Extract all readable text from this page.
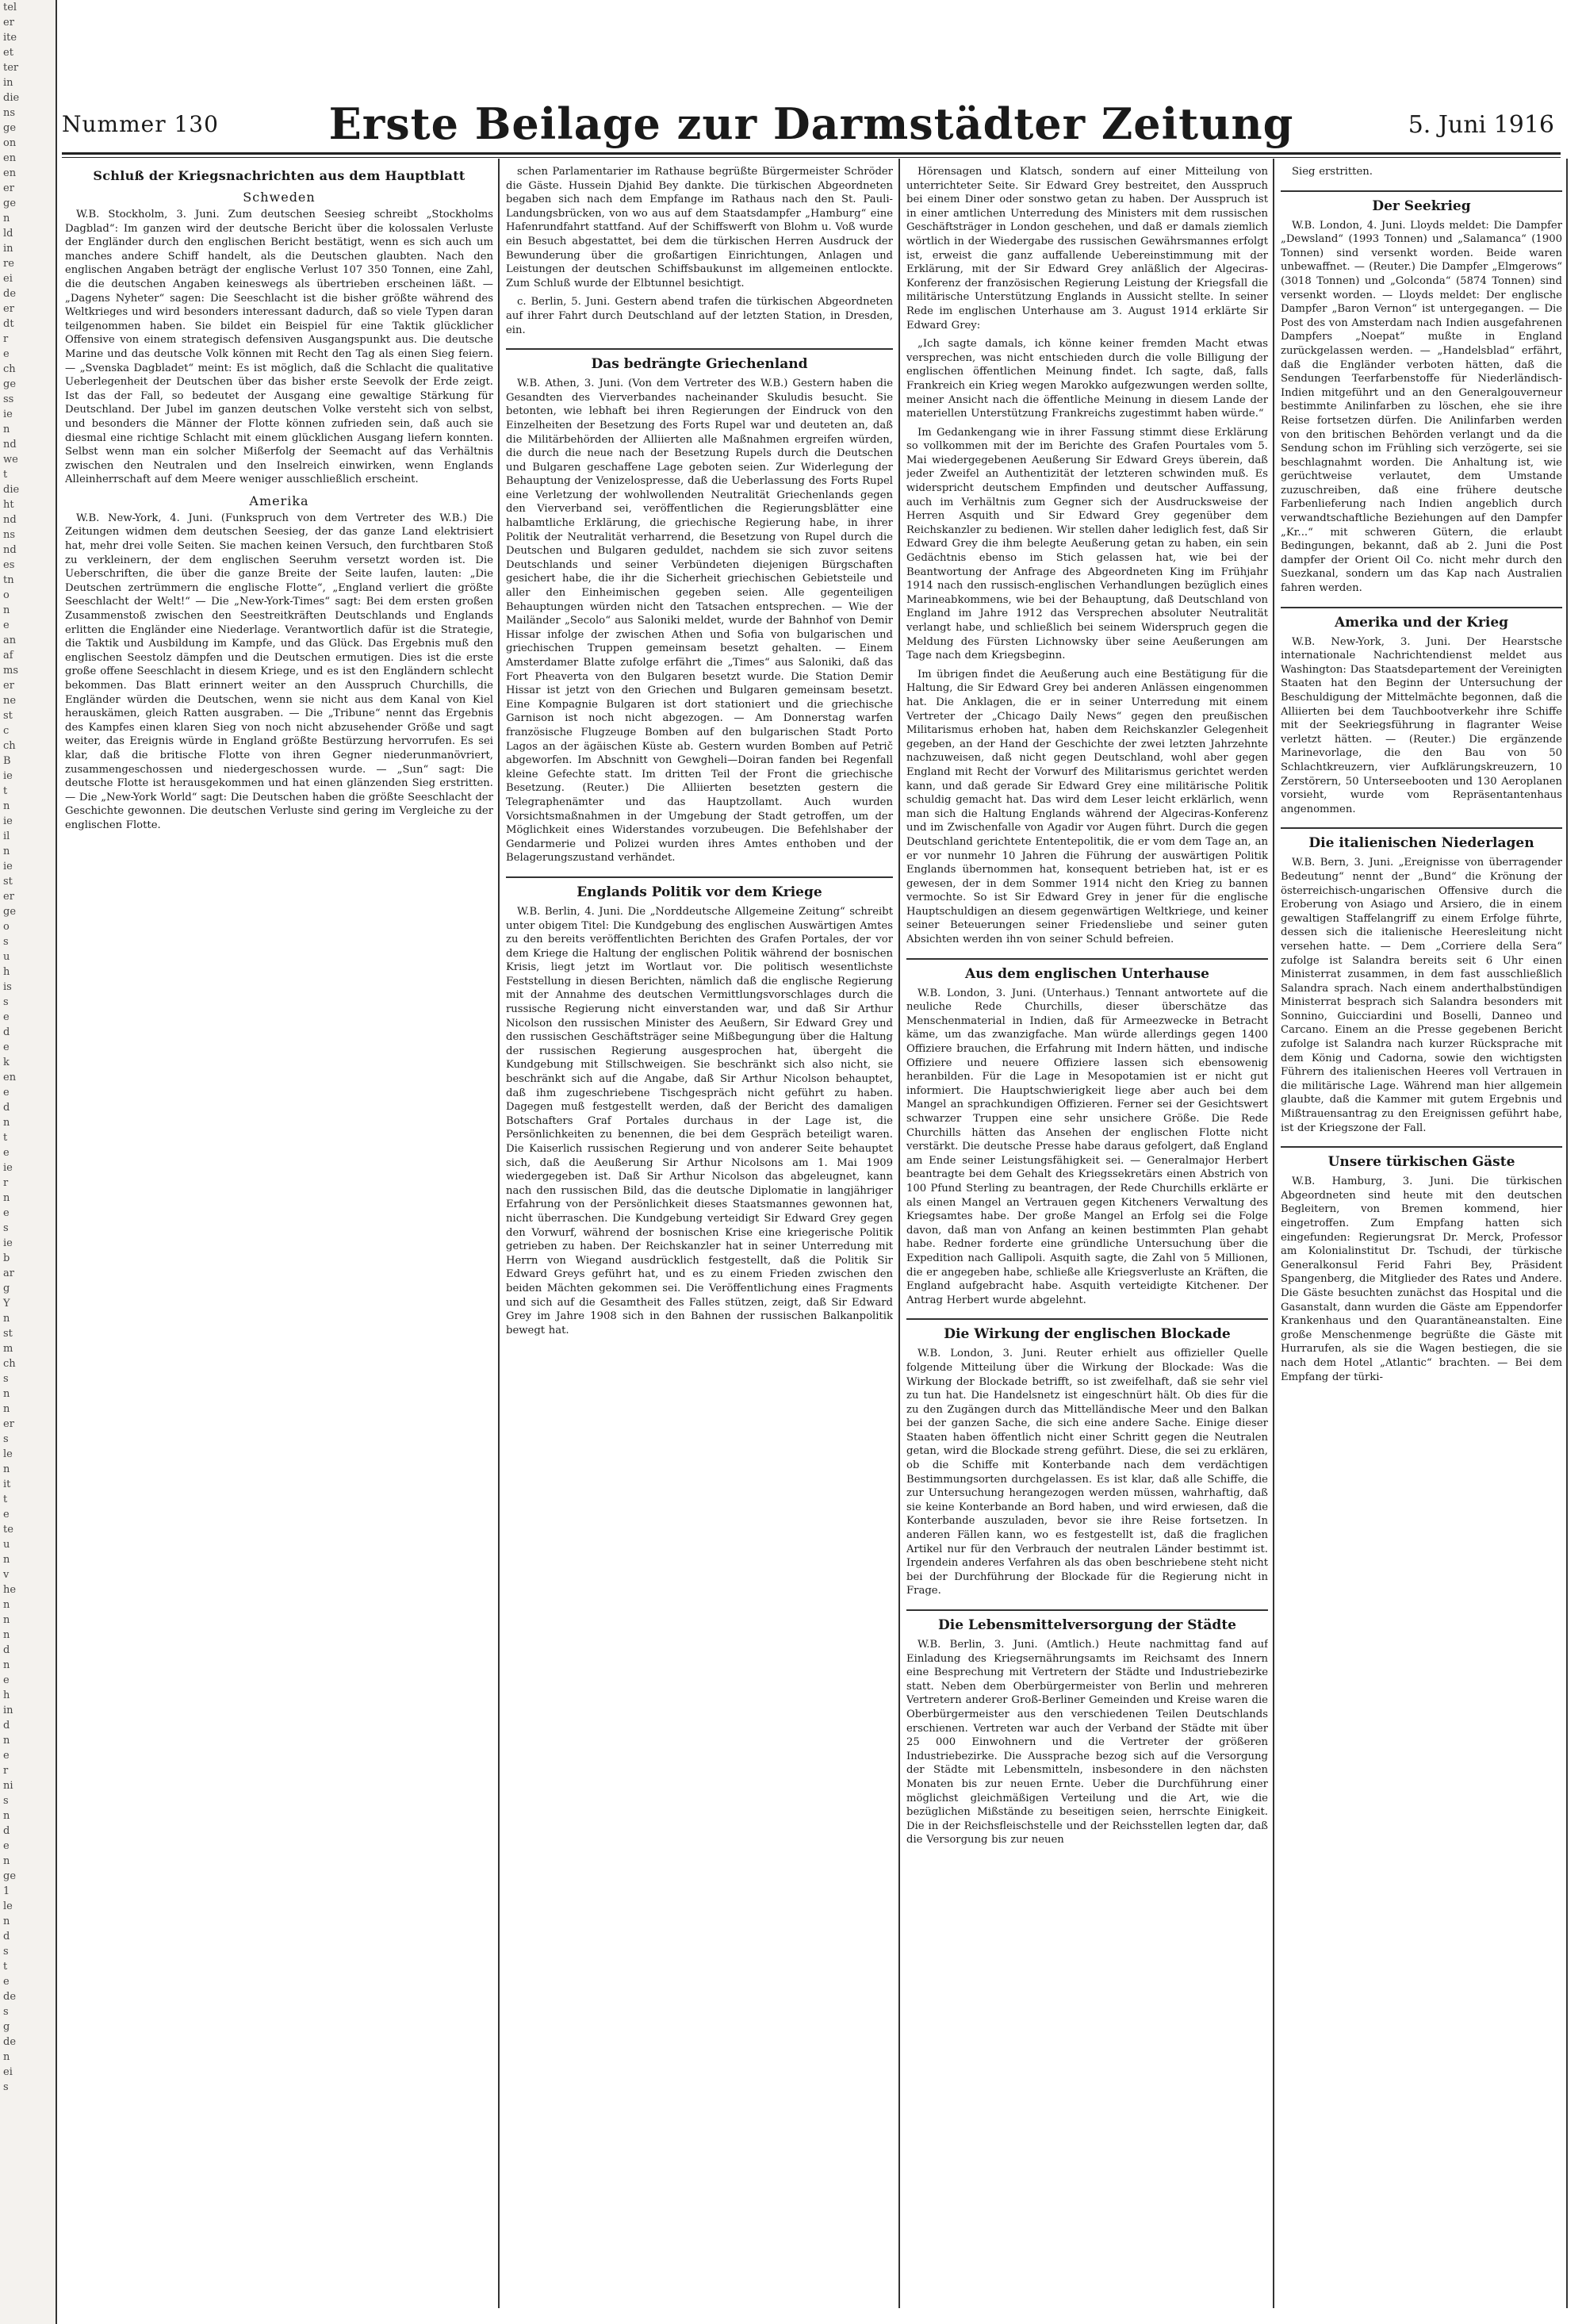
tel
er
ite
et
ter
in
die
ns
ge
on
en
en
er
ge
n
ld
in
re
ei
de
er
dt
r
e
ch
ge
ss
ie
n
nd
we
t
die
ht
nd
ns
nd
es
tn
o
n
e
an
af
ms
er
ne
st
c
ch
B
ie
t
n
ie
il
n
ie
st
er
ge
o
s
u
h
is
s
e
d
e
k
en
e
d
n
t
e
ie
r
n
e
s
ie
b
ar
g
Y
n
st
m
ch
s
n
n
er
s
le
n
it
t
e
te
u
n
v
he
n
n
n
d
n
e
h
in
d
n
e
r
ni
s
n
d
e
n
ge
1
le
n
d
s
t
e
de
s
g
de
n
ei
s
Nummer 130	Erste Beilage zur Darmstädter Zeitung	5. Juni 1916
Schluß der Kriegsnachrichten aus dem Hauptblatt
Schweden

W.B. Stockholm, 3. Juni. Zum deutschen Seesieg schreibt „Stockholms Dagblad“: Im ganzen wird der deutsche Bericht über die kolossalen Verluste der Engländer durch den englischen Bericht bestätigt, wenn es sich auch um manches andere Schiff handelt, als die Deutschen glaubten. Nach den englischen Angaben beträgt der englische Verlust 107 350 Tonnen, eine Zahl, die die deutschen Angaben keineswegs als übertrieben erscheinen läßt. — „Dagens Nyheter“ sagen: Die Seeschlacht ist die bisher größte während des Weltkrieges und wird besonders interessant dadurch, daß so viele Typen daran teilgenommen haben. Sie bildet ein Beispiel für eine Taktik glücklicher Offensive von einem strategisch defensiven Ausgangspunkt aus. Die deutsche Marine und das deutsche Volk können mit Recht den Tag als einen Sieg feiern. — „Svenska Dagbladet“ meint: Es ist möglich, daß die Schlacht die qualitative Ueberlegenheit der Deutschen über das bisher erste Seevolk der Erde zeigt. Ist das der Fall, so bedeutet der Ausgang eine gewaltige Stärkung für Deutschland. Der Jubel im ganzen deutschen Volke versteht sich von selbst, und besonders die Männer der Flotte können zufrieden sein, daß auch sie diesmal eine richtige Schlacht mit einem glücklichen Ausgang liefern konnten. Selbst wenn man ein solcher Mißerfolg der Seemacht auf das Verhältnis zwischen den Neutralen und den Inselreich einwirken, wenn Englands Alleinherrschaft auf dem Meere weniger ausschließlich erscheint.

Amerika

W.B. New-York, 4. Juni. (Funkspruch von dem Vertreter des W.B.) Die Zeitungen widmen dem deutschen Seesieg, der das ganze Land elektrisiert hat, mehr drei volle Seiten. Sie machen keinen Versuch, den furchtbaren Stoß zu verkleinern, der dem englischen Seeruhm versetzt worden ist. Die Ueberschriften, die über die ganze Breite der Seite laufen, lauten: „Die Deutschen zertrümmern die englische Flotte“, „England verliert die größte Seeschlacht der Welt!“ — Die „New-York-Times“ sagt: Bei dem ersten großen Zusammenstoß zwischen den Seestreitkräften Deutschlands und Englands erlitten die Engländer eine Niederlage. Verantwortlich dafür ist die Strategie, die Taktik und Ausbildung im Kampfe, und das Glück. Das Ergebnis muß den englischen Seestolz dämpfen und die Deutschen ermutigen. Dies ist die erste große offene Seeschlacht in diesem Kriege, und es ist den Engländern schlecht bekommen. Das Blatt erinnert weiter an den Ausspruch Churchills, die Engländer würden die Deutschen, wenn sie nicht aus dem Kanal von Kiel herauskämen, gleich Ratten ausgraben. — Die „Tribune“ nennt das Ergebnis des Kampfes einen klaren Sieg von noch nicht abzusehender Größe und sagt weiter, das Ereignis würde in England größte Bestürzung hervorrufen. Es sei klar, daß die britische Flotte von ihren Gegner niederunmanövriert, zusammengeschossen und niedergeschossen wurde. — „Sun“ sagt: Die deutsche Flotte ist herausgekommen und hat einen glänzenden Sieg erstritten. — Die „New-York World“ sagt: Die Deutschen haben die größte Seeschlacht der Geschichte gewonnen. Die deutschen Verluste sind gering im Vergleiche zu der englischen Flotte.

schen Parlamentarier im Rathause begrüßte Bürgermeister Schröder die Gäste. Hussein Djahid Bey dankte. Die türkischen Abgeordneten begaben sich nach dem Empfange im Rathaus nach den St. Pauli-Landungsbrücken, von wo aus auf dem Staatsdampfer „Hamburg“ eine Hafenrundfahrt stattfand. Auf der Schiffswerft von Blohm u. Voß wurde ein Besuch abgestattet, bei dem die türkischen Herren Ausdruck der Bewunderung über die großartigen Einrichtungen, Anlagen und Leistungen der deutschen Schiffsbaukunst im allgemeinen entlockte. Zum Schluß wurde der Elbtunnel besichtigt.

c. Berlin, 5. Juni. Gestern abend trafen die türkischen Abgeordneten auf ihrer Fahrt durch Deutschland auf der letzten Station, in Dresden, ein.

Das bedrängte Griechenland

W.B. Athen, 3. Juni. (Von dem Vertreter des W.B.) Gestern haben die Gesandten des Vierverbandes nacheinander Skuludis besucht. Sie betonten, wie lebhaft bei ihren Regierungen der Eindruck von den Einzelheiten der Besetzung des Forts Rupel war und deuteten an, daß die Militärbehörden der Alliierten alle Maßnahmen ergreifen würden, die durch die neue nach der Besetzung Rupels durch die Deutschen und Bulgaren geschaffene Lage geboten seien. Zur Widerlegung der Behauptung der Venizelospresse, daß die Ueberlassung des Forts Rupel eine Verletzung der wohlwollenden Neutralität Griechenlands gegen den Vierverband sei, veröffentlichen die Regierungsblätter eine halbamtliche Erklärung, die griechische Regierung habe, in ihrer Politik der Neutralität verharrend, die Besetzung von Rupel durch die Deutschen und Bulgaren geduldet, nachdem sie sich zuvor seitens Deutschlands und seiner Verbündeten diejenigen Bürgschaften gesichert habe, die ihr die Sicherheit griechischen Gebietsteile und aller den Einheimischen gegeben seien. Alle gegenteiligen Behauptungen würden nicht den Tatsachen entsprechen. — Wie der Mailänder „Secolo“ aus Saloniki meldet, wurde der Bahnhof von Demir Hissar infolge der zwischen Athen und Sofia von bulgarischen und griechischen Truppen gemeinsam besetzt gehalten. — Einem Amsterdamer Blatte zufolge erfährt die „Times“ aus Saloniki, daß das Fort Pheaverta von den Bulgaren besetzt wurde. Die Station Demir Hissar ist jetzt von den Griechen und Bulgaren gemeinsam besetzt. Eine Kompagnie Bulgaren ist dort stationiert und die griechische Garnison ist noch nicht abgezogen. — Am Donnerstag warfen französische Flugzeuge Bomben auf den bulgarischen Stadt Porto Lagos an der ägäischen Küste ab. Gestern wurden Bomben auf Petrič abgeworfen. Im Abschnitt von Gewgheli—Doiran fanden bei Regenfall kleine Gefechte statt. Im dritten Teil der Front die griechische Besetzung. (Reuter.) Die Alliierten besetzten gestern die Telegraphenämter und das Hauptzollamt. Auch wurden Vorsichtsmaßnahmen in der Umgebung der Stadt getroffen, um der Möglichkeit eines Widerstandes vorzubeugen. Die Befehlshaber der Gendarmerie und Polizei wurden ihres Amtes enthoben und der Belagerungszustand verhändet.

Englands Politik vor dem Kriege

W.B. Berlin, 4. Juni. Die „Norddeutsche Allgemeine Zeitung“ schreibt unter obigem Titel: Die Kundgebung des englischen Auswärtigen Amtes zu den bereits veröffentlichten Berichten des Grafen Portales, der vor dem Kriege die Haltung der englischen Politik während der bosnischen Krisis, liegt jetzt im Wortlaut vor. Die politisch wesentlichste Feststellung in diesen Berichten, nämlich daß die englische Regierung mit der Annahme des deutschen Vermittlungsvorschlages durch die russische Regierung nicht einverstanden war, und daß Sir Arthur Nicolson den russischen Minister des Aeußern, Sir Edward Grey und den russischen Geschäftsträger seine Mißbegungung über die Haltung der russischen Regierung ausgesprochen hat, übergeht die Kundgebung mit Stillschweigen. Sie beschränkt sich also nicht, sie beschränkt sich auf die Angabe, daß Sir Arthur Nicolson behauptet, daß ihm zugeschriebene Tischgespräch nicht geführt zu haben. Dagegen muß festgestellt werden, daß der Bericht des damaligen Botschafters Graf Portales durchaus in der Lage ist, die Persönlichkeiten zu benennen, die bei dem Gespräch beteiligt waren. Die Kaiserlich russischen Regierung und von anderer Seite behauptet sich, daß die Aeußerung Sir Arthur Nicolsons am 1. Mai 1909 wiedergegeben ist. Daß Sir Arthur Nicolson das abgeleugnet, kann nach den russischen Bild, das die deutsche Diplomatie in langjähriger Erfahrung von der Persönlichkeit dieses Staatsmannes gewonnen hat, nicht überraschen. Die Kundgebung verteidigt Sir Edward Grey gegen den Vorwurf, während der bosnischen Krise eine kriegerische Politik getrieben zu haben. Der Reichskanzler hat in seiner Unterredung mit Herrn von Wiegand ausdrücklich festgestellt, daß die Politik Sir Edward Greys geführt hat, und es zu einem Frieden zwischen den beiden Mächten gekommen sei. Die Veröffentlichung eines Fragments und sich auf die Gesamtheit des Falles stützen, zeigt, daß Sir Edward Grey im Jahre 1908 sich in den Bahnen der russischen Balkanpolitik bewegt hat.

Hörensagen und Klatsch, sondern auf einer Mitteilung von unterrichteter Seite. Sir Edward Grey bestreitet, den Ausspruch bei einem Diner oder sonstwo getan zu haben. Der Ausspruch ist in einer amtlichen Unterredung des Ministers mit dem russischen Geschäftsträger in London geschehen, und daß er damals ziemlich wörtlich in der Wiedergabe des russischen Gewährsmannes erfolgt ist, erweist die ganz auffallende Uebereinstimmung mit der Erklärung, mit der Sir Edward Grey anläßlich der Algeciras-Konferenz der französischen Regierung Leistung der Kriegsfall die militärische Unterstützung Englands in Aussicht stellte. In seiner Rede im englischen Unterhause am 3. August 1914 erklärte Sir Edward Grey:

„Ich sagte damals, ich könne keiner fremden Macht etwas versprechen, was nicht entschieden durch die volle Billigung der englischen öffentlichen Meinung findet. Ich sagte, daß, falls Frankreich ein Krieg wegen Marokko aufgezwungen werden sollte, meiner Ansicht nach die öffentliche Meinung in diesem Lande der materiellen Unterstützung Frankreichs zugestimmt haben würde.“

Im Gedankengang wie in ihrer Fassung stimmt diese Erklärung so vollkommen mit der im Berichte des Grafen Pourtales vom 5. Mai wiedergegebenen Aeußerung Sir Edward Greys überein, daß jeder Zweifel an Authentizität der letzteren schwinden muß. Es widerspricht deutschem Empfinden und deutscher Auffassung, auch im Verhältnis zum Gegner sich der Ausdrucksweise der Herren Asquith und Sir Edward Grey gegenüber dem Reichskanzler zu bedienen. Wir stellen daher lediglich fest, daß Sir Edward Grey die ihm belegte Aeußerung getan zu haben, ein sein Gedächtnis ebenso im Stich gelassen hat, wie bei der Beantwortung der Anfrage des Abgeordneten King im Frühjahr 1914 nach den russisch-englischen Verhandlungen bezüglich eines Marineabkommens, wie bei der Behauptung, daß Deutschland von England im Jahre 1912 das Versprechen absoluter Neutralität verlangt habe, und schließlich bei seinem Widerspruch gegen die Meldung des Fürsten Lichnowsky über seine Aeußerungen am Tage nach dem Kriegsbeginn.

Im übrigen findet die Aeußerung auch eine Bestätigung für die Haltung, die Sir Edward Grey bei anderen Anlässen eingenommen hat. Die Anklagen, die er in seiner Unterredung mit einem Vertreter der „Chicago Daily News“ gegen den preußischen Militarismus erhoben hat, haben dem Reichskanzler Gelegenheit gegeben, an der Hand der Geschichte der zwei letzten Jahrzehnte nachzuweisen, daß nicht gegen Deutschland, wohl aber gegen England mit Recht der Vorwurf des Militarismus gerichtet werden kann, und daß gerade Sir Edward Grey eine militärische Politik schuldig gemacht hat. Das wird dem Leser leicht erklärlich, wenn man sich die Haltung Englands während der Algeciras-Konferenz und im Zwischenfalle von Agadir vor Augen führt. Durch die gegen Deutschland gerichtete Ententepolitik, die er vom dem Tage an, an er vor nunmehr 10 Jahren die Führung der auswärtigen Politik Englands übernommen hat, konsequent betrieben hat, ist er es gewesen, der in dem Sommer 1914 nicht den Krieg zu bannen vermochte. So ist Sir Edward Grey in jener für die englische Hauptschuldigen an diesem gegenwärtigen Weltkriege, und keiner seiner Beteuerungen seiner Friedensliebe und seiner guten Absichten werden ihn von seiner Schuld befreien.

Aus dem englischen Unterhause

W.B. London, 3. Juni. (Unterhaus.) Tennant antwortete auf die neuliche Rede Churchills, dieser überschätze das Menschenmaterial in Indien, daß für Armeezwecke in Betracht käme, um das zwanzigfache. Man würde allerdings gegen 1400 Offiziere brauchen, die Erfahrung mit Indern hätten, und indische Offiziere und neuere Offiziere lassen sich ebensowenig heranbilden. Für die Lage in Mesopotamien ist er nicht gut informiert. Die Hauptschwierigkeit liege aber auch bei dem Mangel an sprachkundigen Offizieren. Ferner sei der Gesichtswert schwarzer Truppen eine sehr unsichere Größe. Die Rede Churchills hätten das Ansehen der englischen Flotte nicht verstärkt. Die deutsche Presse habe daraus gefolgert, daß England am Ende seiner Leistungsfähigkeit sei. — Generalmajor Herbert beantragte bei dem Gehalt des Kriegssekretärs einen Abstrich von 100 Pfund Sterling zu beantragen, der Rede Churchills erklärte er als einen Mangel an Vertrauen gegen Kitcheners Verwaltung des Kriegsamtes habe. Der große Mangel an Erfolg sei die Folge davon, daß man von Anfang an keinen bestimmten Plan gehabt habe. Redner forderte eine gründliche Untersuchung über die Expedition nach Gallipoli. Asquith sagte, die Zahl von 5 Millionen, die er angegeben habe, schließe alle Kriegsverluste an Kräften, die England aufgebracht habe. Asquith verteidigte Kitchener. Der Antrag Herbert wurde abgelehnt.

Die Wirkung der englischen Blockade

W.B. London, 3. Juni. Reuter erhielt aus offizieller Quelle folgende Mitteilung über die Wirkung der Blockade: Was die Wirkung der Blockade betrifft, so ist zweifelhaft, daß sie sehr viel zu tun hat. Die Handelsnetz ist eingeschnürt hält. Ob dies für die zu den Zugängen durch das Mittelländische Meer und den Balkan bei der ganzen Sache, die sich eine andere Sache. Einige dieser Staaten haben öffentlich nicht einer Schritt gegen die Neutralen getan, wird die Blockade streng geführt. Diese, die sei zu erklären, ob die Schiffe mit Konterbande nach dem verdächtigen Bestimmungsorten durchgelassen. Es ist klar, daß alle Schiffe, die zur Untersuchung herangezogen werden müssen, wahrhaftig, daß sie keine Konterbande an Bord haben, und wird erwiesen, daß die Konterbande auszuladen, bevor sie ihre Reise fortsetzen. In anderen Fällen kann, wo es festgestellt ist, daß die fraglichen Artikel nur für den Verbrauch der neutralen Länder bestimmt ist. Irgendein anderes Verfahren als das oben beschriebene steht nicht bei der Durchführung der Blockade für die Regierung nicht in Frage.

Die Lebensmittelversorgung der Städte

W.B. Berlin, 3. Juni. (Amtlich.) Heute nachmittag fand auf Einladung des Kriegsernährungsamts im Reichsamt des Innern eine Besprechung mit Vertretern der Städte und Industriebezirke statt. Neben dem Oberbürgermeister von Berlin und mehreren Vertretern anderer Groß-Berliner Gemeinden und Kreise waren die Oberbürgermeister aus den verschiedenen Teilen Deutschlands erschienen. Vertreten war auch der Verband der Städte mit über 25 000 Einwohnern und die Vertreter der größeren Industriebezirke. Die Aussprache bezog sich auf die Versorgung der Städte mit Lebensmitteln, insbesondere in den nächsten Monaten bis zur neuen Ernte. Ueber die Durchführung einer möglichst gleichmäßigen Verteilung und die Art, wie die bezüglichen Mißstände zu beseitigen seien, herrschte Einigkeit. Die in der Reichsfleischstelle und der Reichsstellen legten dar, daß die Versorgung bis zur neuen

Sieg erstritten.

Der Seekrieg

W.B. London, 4. Juni. Lloyds meldet: Die Dampfer „Dewsland“ (1993 Tonnen) und „Salamanca“ (1900 Tonnen) sind versenkt worden. Beide waren unbewaffnet. — (Reuter.) Die Dampfer „Elmgerows“ (3018 Tonnen) und „Golconda“ (5874 Tonnen) sind versenkt worden. — Lloyds meldet: Der englische Dampfer „Baron Vernon“ ist untergegangen. — Die Post des von Amsterdam nach Indien ausgefahrenen Dampfers „Noepat“ mußte in England zurückgelassen werden. — „Handelsblad“ erfährt, daß die Engländer verboten hätten, daß die Sendungen Teerfarbenstoffe für Niederländisch-Indien mitgeführt und an den Generalgouverneur bestimmte Anilinfarben zu löschen, ehe sie ihre Reise fortsetzen dürfen. Die Anilinfarben werden von den britischen Behörden verlangt und da die Sendung schon im Frühling sich verzögerte, sei sie beschlagnahmt worden. Die Anhaltung ist, wie gerüchtweise verlautet, dem Umstande zuzuschreiben, daß eine frühere deutsche Farbenlieferung nach Indien angeblich durch verwandtschaftliche Beziehungen auf den Dampfer „Kr...“ mit schweren Gütern, die erlaubt Bedingungen, bekannt, daß ab 2. Juni die Post dampfer der Orient Oil Co. nicht mehr durch den Suezkanal, sondern um das Kap nach Australien fahren werden.

Amerika und der Krieg

W.B. New-York, 3. Juni. Der Hearstsche internationale Nachrichtendienst meldet aus Washington: Das Staatsdepartement der Vereinigten Staaten hat den Beginn der Untersuchung der Beschuldigung der Mittelmächte begonnen, daß die Alliierten bei dem Tauchbootverkehr ihre Schiffe mit der Seekriegsführung in flagranter Weise verletzt hätten. — (Reuter.) Die ergänzende Marinevorlage, die den Bau von 50 Schlachtkreuzern, vier Aufklärungskreuzern, 10 Zerstörern, 50 Unterseebooten und 130 Aeroplanen vorsieht, wurde vom Repräsentantenhaus angenommen.

Die italienischen Niederlagen

W.B. Bern, 3. Juni. „Ereignisse von überragender Bedeutung“ nennt der „Bund“ die Krönung der österreichisch-ungarischen Offensive durch die Eroberung von Asiago und Arsiero, die in einem gewaltigen Staffelangriff zu einem Erfolge führte, dessen sich die italienische Heeresleitung nicht versehen hatte. — Dem „Corriere della Sera“ zufolge ist Salandra bereits seit 6 Uhr einen Ministerrat zusammen, in dem fast ausschließlich Salandra sprach. Nach einem anderthalbstündigen Ministerrat besprach sich Salandra besonders mit Sonnino, Guicciardini und Boselli, Danneo und Carcano. Einem an die Presse gegebenen Bericht zufolge ist Salandra nach kurzer Rücksprache mit dem König und Cadorna, sowie den wichtigsten Führern des italienischen Heeres voll Vertrauen in die militärische Lage. Während man hier allgemein glaubte, daß die Kammer mit gutem Ergebnis und Mißtrauensantrag zu den Ereignissen geführt habe, ist der Kriegszone der Fall.

Unsere türkischen Gäste

W.B. Hamburg, 3. Juni. Die türkischen Abgeordneten sind heute mit den deutschen Begleitern, von Bremen kommend, hier eingetroffen. Zum Empfang hatten sich eingefunden: Regierungsrat Dr. Merck, Professor am Kolonialinstitut Dr. Tschudi, der türkische Generalkonsul Ferid Fahri Bey, Präsident Spangenberg, die Mitglieder des Rates und Andere. Die Gäste besuchten zunächst das Hospital und die Gasanstalt, dann wurden die Gäste am Eppendorfer Krankenhaus und den Quarantäneanstalten. Eine große Menschenmenge begrüßte die Gäste mit Hurrarufen, als sie die Wagen bestiegen, die sie nach dem Hotel „Atlantic“ brachten. — Bei dem Empfang der türki-
